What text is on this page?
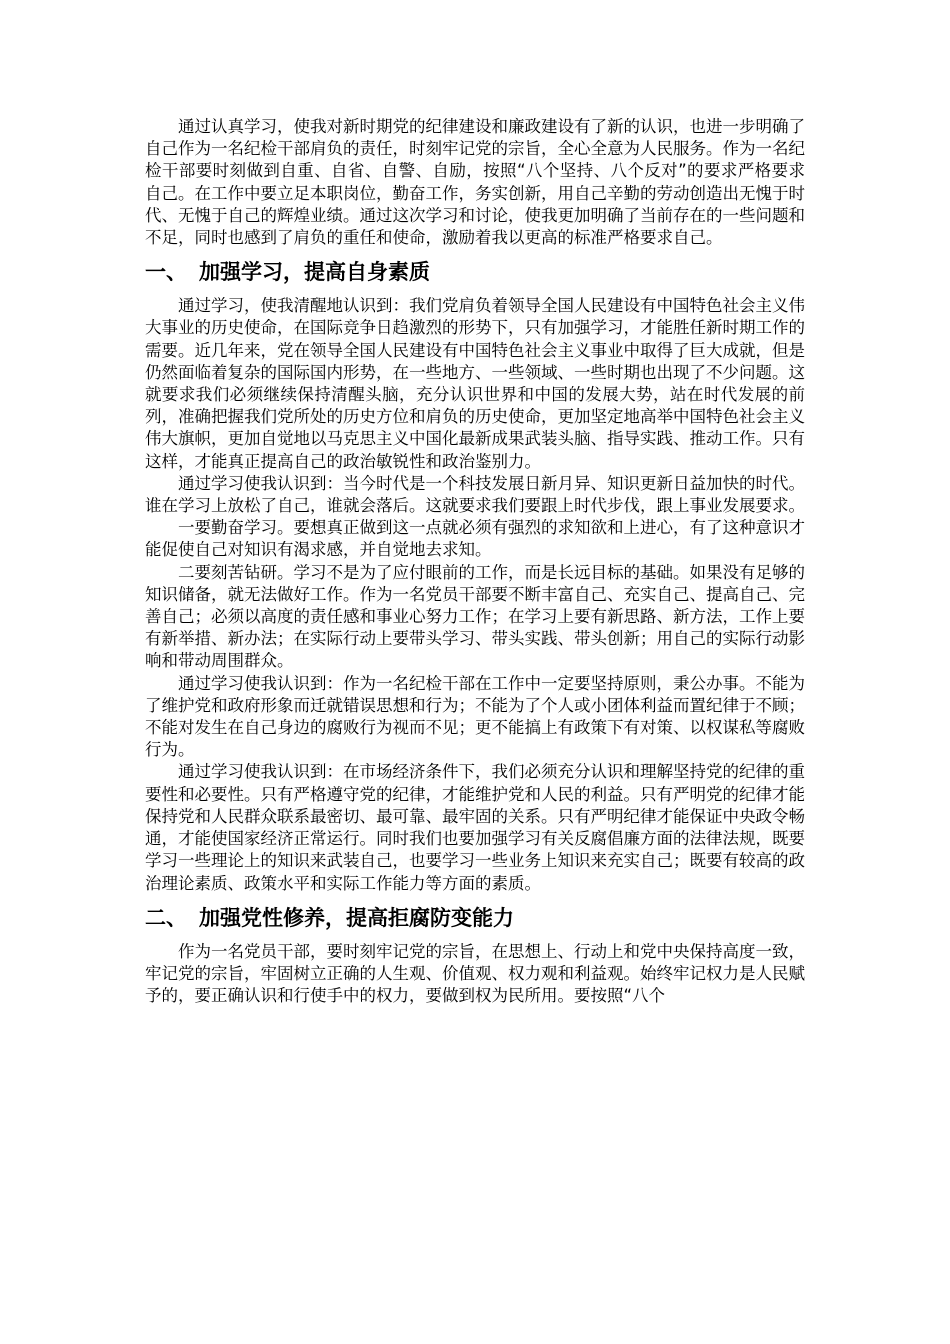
通过认真学习，使我对新时期党的纪律建设和廉政建设有了新的认识，也进一步明确了自己作为一名纪检干部肩负的责任，时刻牢记党的宗旨，全心全意为人民服务。作为一名纪检干部要时刻做到自重、自省、自警、自励，按照“八个坚持、八个反对”的要求严格要求自己。在工作中要立足本职岗位，勤奋工作，务实创新，用自己辛勤的劳动创造出无愧于时代、无愧于自己的辉煌业绩。通过这次学习和讨论，使我更加明确了当前存在的一些问题和不足，同时也感到了肩负的重任和使命，激励着我以更高的标准严格要求自己。

一、 加强学习，提高自身素质

通过学习，使我清醒地认识到：我们党肩负着领导全国人民建设有中国特色社会主义伟大事业的历史使命，在国际竞争日趋激烈的形势下，只有加强学习，才能胜任新时期工作的需要。近几年来，党在领导全国人民建设有中国特色社会主义事业中取得了巨大成就，但是仍然面临着复杂的国际国内形势，在一些地方、一些领域、一些时期也出现了不少问题。这就要求我们必须继续保持清醒头脑，充分认识世界和中国的发展大势，站在时代发展的前列，准确把握我们党所处的历史方位和肩负的历史使命，更加坚定地高举中国特色社会主义伟大旗帜，更加自觉地以马克思主义中国化最新成果武装头脑、指导实践、推动工作。只有这样，才能真正提高自己的政治敏锐性和政治鉴别力。

通过学习使我认识到：当今时代是一个科技发展日新月异、知识更新日益加快的时代。谁在学习上放松了自己，谁就会落后。这就要求我们要跟上时代步伐，跟上事业发展要求。

一要勤奋学习。要想真正做到这一点就必须有强烈的求知欲和上进心，有了这种意识才能促使自己对知识有渴求感，并自觉地去求知。

二要刻苦钻研。学习不是为了应付眼前的工作，而是长远目标的基础。如果没有足够的知识储备，就无法做好工作。作为一名党员干部要不断丰富自己、充实自己、提高自己、完善自己；必须以高度的责任感和事业心努力工作；在学习上要有新思路、新方法，工作上要有新举措、新办法；在实际行动上要带头学习、带头实践、带头创新；用自己的实际行动影响和带动周围群众。

通过学习使我认识到：作为一名纪检干部在工作中一定要坚持原则，秉公办事。不能为了维护党和政府形象而迁就错误思想和行为；不能为了个人或小团体利益而置纪律于不顾；不能对发生在自己身边的腐败行为视而不见；更不能搞上有政策下有对策、以权谋私等腐败行为。

通过学习使我认识到：在市场经济条件下，我们必须充分认识和理解坚持党的纪律的重要性和必要性。只有严格遵守党的纪律，才能维护党和人民的利益。只有严明党的纪律才能保持党和人民群众联系最密切、最可靠、最牢固的关系。只有严明纪律才能保证中央政令畅通，才能使国家经济正常运行。同时我们也要加强学习有关反腐倡廉方面的法律法规，既要学习一些理论上的知识来武装自己，也要学习一些业务上知识来充实自己；既要有较高的政治理论素质、政策水平和实际工作能力等方面的素质。

二、 加强党性修养，提高拒腐防变能力

作为一名党员干部，要时刻牢记党的宗旨，在思想上、行动上和党中央保持高度一致，牢记党的宗旨，牢固树立正确的人生观、价值观、权力观和利益观。始终牢记权力是人民赋予的，要正确认识和行使手中的权力，要做到权为民所用。要按照“八个
